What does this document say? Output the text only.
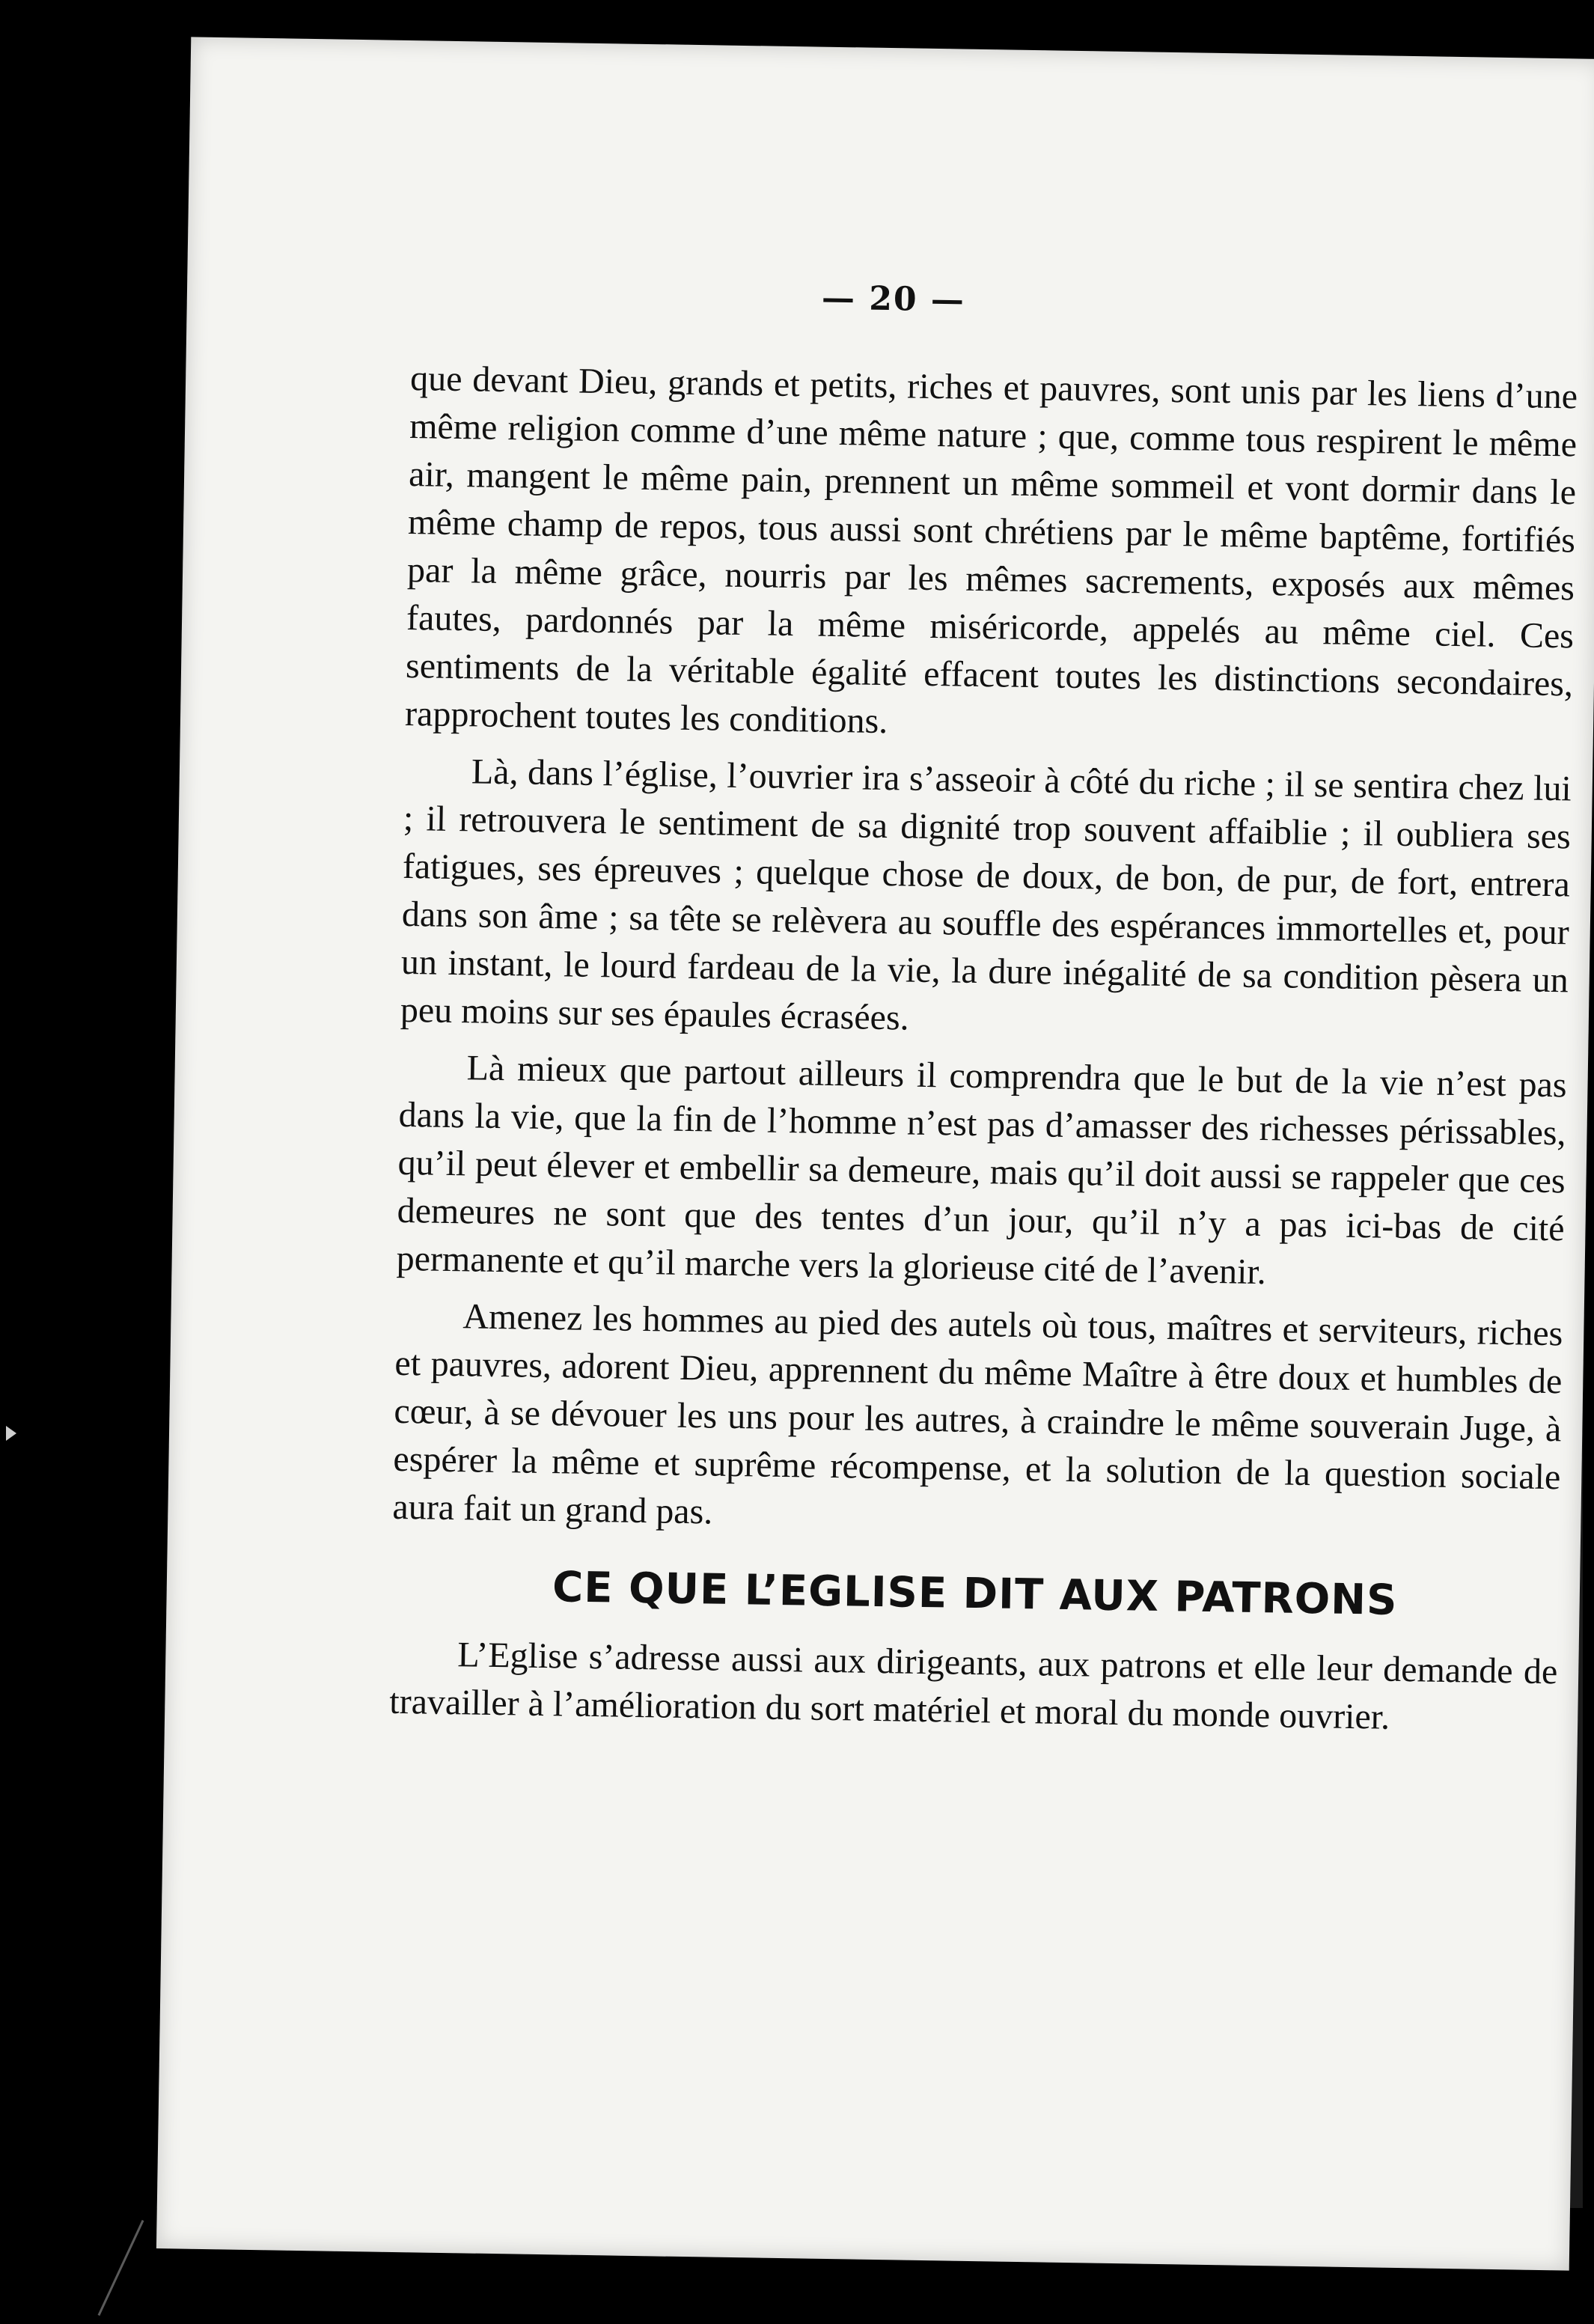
— 20 —

que devant Dieu, grands et petits, riches et pauvres, sont unis par les liens d’une même religion comme d’une même nature ; que, comme tous respirent le même air, mangent le même pain, prennent un même sommeil et vont dormir dans le même champ de repos, tous aussi sont chrétiens par le même baptême, fortifiés par la même grâce, nourris par les mêmes sacrements, exposés aux mêmes fautes, pardonnés par la même miséricorde, appelés au même ciel. Ces sentiments de la véritable égalité effacent toutes les distinctions secondaires, rapprochent toutes les conditions.

Là, dans l’église, l’ouvrier ira s’asseoir à côté du riche ; il se sentira chez lui ; il retrouvera le sentiment de sa dignité trop souvent affaiblie ; il oubliera ses fatigues, ses épreuves ; quelque chose de doux, de bon, de pur, de fort, entrera dans son âme ; sa tête se relèvera au souffle des espérances immortelles et, pour un instant, le lourd fardeau de la vie, la dure inégalité de sa condition pèsera un peu moins sur ses épaules écrasées.

Là mieux que partout ailleurs il comprendra que le but de la vie n’est pas dans la vie, que la fin de l’homme n’est pas d’amasser des richesses périssables, qu’il peut élever et embellir sa demeure, mais qu’il doit aussi se rappeler que ces demeures ne sont que des tentes d’un jour, qu’il n’y a pas ici-bas de cité permanente et qu’il marche vers la glorieuse cité de l’avenir.

Amenez les hommes au pied des autels où tous, maîtres et serviteurs, riches et pauvres, adorent Dieu, apprennent du même Maître à être doux et humbles de cœur, à se dévouer les uns pour les autres, à craindre le même souverain Juge, à espérer la même et suprême récompense, et la solution de la question sociale aura fait un grand pas.

CE QUE L’EGLISE DIT AUX PATRONS

L’Eglise s’adresse aussi aux dirigeants, aux patrons et elle leur demande de travailler à l’amélioration du sort matériel et moral du monde ouvrier.
